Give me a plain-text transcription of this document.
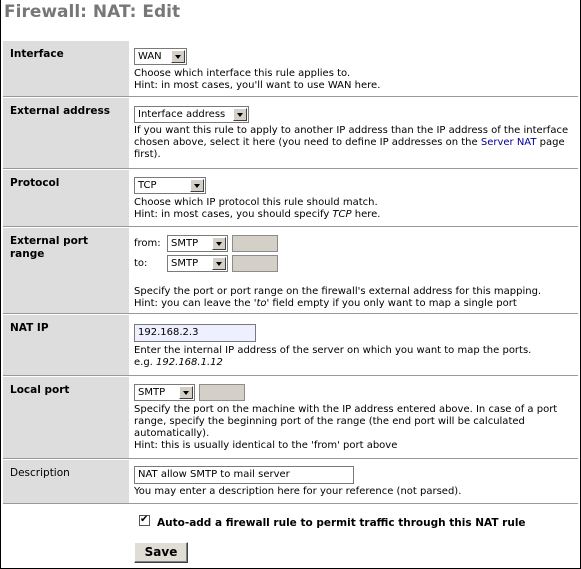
Firewall: NAT: Edit
Interface	WAN
Choose which interface this rule applies to.
Hint: in most cases, you'll want to use WAN here.
External address	Interface address
If you want this rule to apply to another IP address than the IP address of the interface
chosen above, select it here (you need to define IP addresses on the Server NAT page
first).
Protocol	TCP
Choose which IP protocol this rule should match.
Hint: in most cases, you should specify TCP here.
External port
range
from:	SMTP
to:	SMTP
Specify the port or port range on the firewall's external address for this mapping.
Hint: you can leave the 'to' field empty if you only want to map a single port
NAT IP	192.168.2.3
Enter the internal IP address of the server on which you want to map the ports.
e.g. 192.168.1.12
Local port	SMTP
Specify the port on the machine with the IP address entered above. In case of a port
range, specify the beginning port of the range (the end port will be calculated
automatically).
Hint: this is usually identical to the 'from' port above
Description	NAT allow SMTP to mail server
You may enter a description here for your reference (not parsed).
✔
Auto-add a firewall rule to permit traffic through this NAT rule
Save
